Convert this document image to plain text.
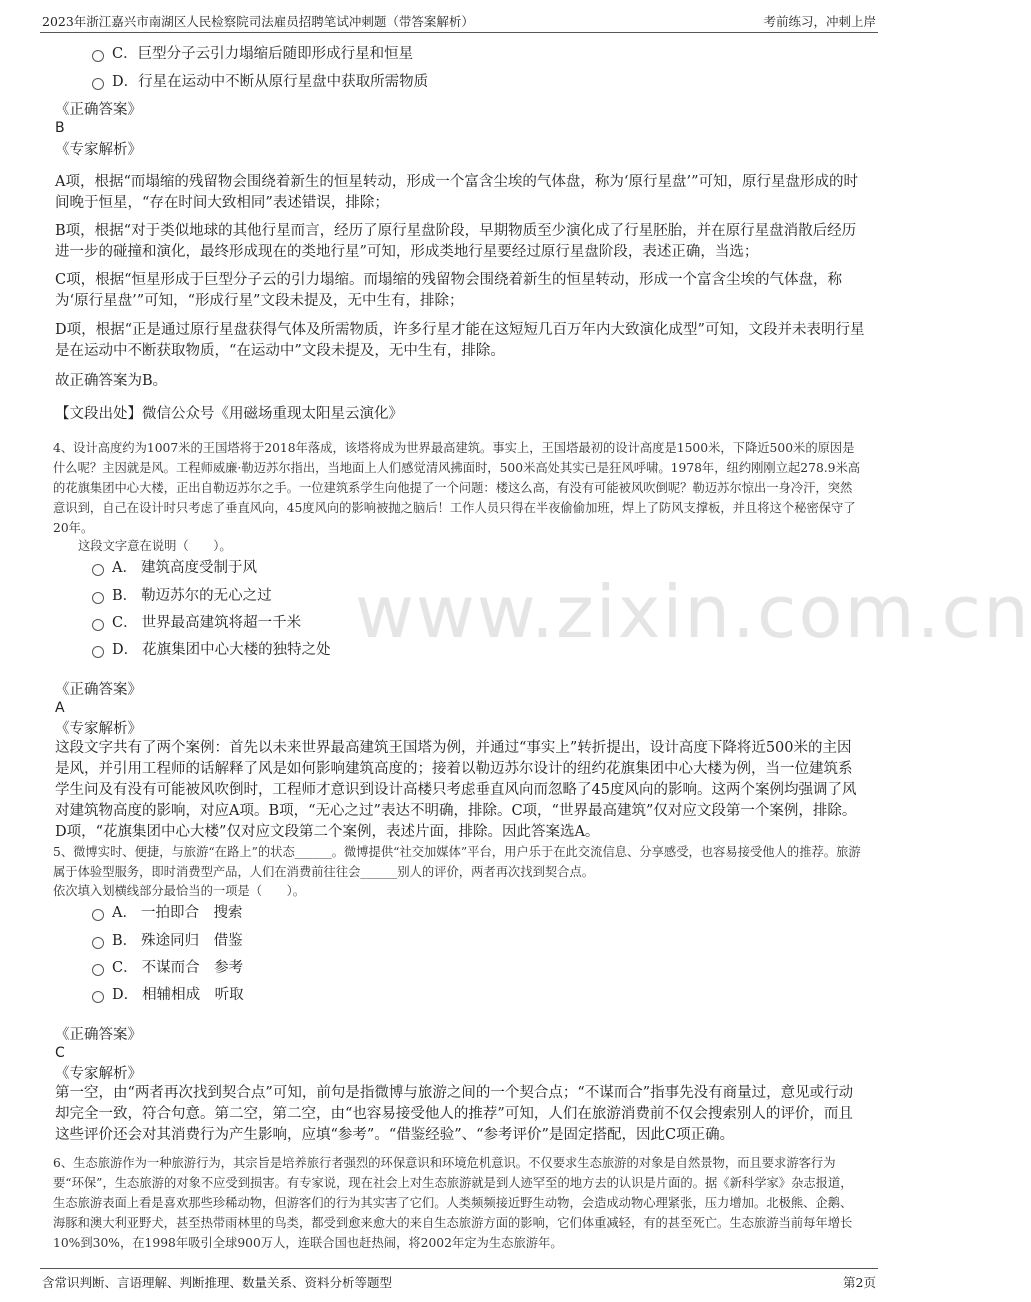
2023年浙江嘉兴市南湖区人民检察院司法雇员招聘笔试冲刺题（带答案解析）	考前练习，冲刺上岸
C． 巨型分子云引力塌缩后随即形成行星和恒星
D． 行星在运动中不断从原行星盘中获取所需物质
《正确答案》
B
《专家解析》
A项，根据“而塌缩的残留物会围绕着新生的恒星转动，形成一个富含尘埃的气体盘，称为‘原行星盘’”可知，原行星盘形成的时间晚于恒星，“存在时间大致相同”表述错误，排除；
B项，根据“对于类似地球的其他行星而言，经历了原行星盘阶段，早期物质至少演化成了行星胚胎，并在原行星盘消散后经历进一步的碰撞和演化，最终形成现在的类地行星”可知，形成类地行星要经过原行星盘阶段，表述正确，当选；
C项，根据“恒星形成于巨型分子云的引力塌缩。而塌缩的残留物会围绕着新生的恒星转动，形成一个富含尘埃的气体盘，称为‘原行星盘’”可知，“形成行星”文段未提及，无中生有，排除；
D项，根据“正是通过原行星盘获得气体及所需物质，许多行星才能在这短短几百万年内大致演化成型”可知，文段并未表明行星是在运动中不断获取物质，“在运动中”文段未提及，无中生有，排除。
故正确答案为B。
【文段出处】微信公众号《用磁场重现太阳星云演化》
4、设计高度约为1007米的王国塔将于2018年落成，该塔将成为世界最高建筑。事实上，王国塔最初的设计高度是1500米，下降近500米的原因是什么呢？主因就是风。工程师威廉·勒迈苏尔指出，当地面上人们感觉清风拂面时，500米高处其实已是狂风呼啸。1978年，纽约刚刚立起278.9米高的花旗集团中心大楼，正出自勒迈苏尔之手。一位建筑系学生向他提了一个问题：楼这么高，有没有可能被风吹倒呢？勒迈苏尔惊出一身冷汗，突然意识到，自己在设计时只考虑了垂直风向，45度风向的影响被抛之脑后！工作人员只得在半夜偷偷加班，焊上了防风支撑板，并且将这个秘密保守了20年。
这段文字意在说明（　　）。
A． 建筑高度受制于风
B． 勒迈苏尔的无心之过
C． 世界最高建筑将超一千米
D． 花旗集团中心大楼的独特之处 www.zixin.com.cn
《正确答案》
A
《专家解析》
这段文字共有了两个案例：首先以未来世界最高建筑王国塔为例，并通过“事实上”转折提出，设计高度下降将近500米的主因是风，并引用工程师的话解释了风是如何影响建筑高度的；接着以勒迈苏尔设计的纽约花旗集团中心大楼为例，当一位建筑系学生问及有没有可能被风吹倒时，工程师才意识到设计高楼只考虑垂直风向而忽略了45度风向的影响。这两个案例均强调了风对建筑物高度的影响，对应A项。B项，“无心之过”表达不明确，排除。C项，“世界最高建筑”仅对应文段第一个案例，排除。D项，“花旗集团中心大楼”仅对应文段第二个案例，表述片面，排除。因此答案选A。
5、微博实时、便捷，与旅游“在路上”的状态______。微博提供“社交加媒体”平台，用户乐于在此交流信息、分享感受，也容易接受他人的推荐。旅游属于体验型服务，即时消费型产品，人们在消费前往往会______别人的评价，两者再次找到契合点。
依次填入划横线部分最恰当的一项是（　　）。
A． 一拍即合　搜索
B． 殊途同归　借鉴
C． 不谋而合　参考
D． 相辅相成　听取
《正确答案》
C
《专家解析》
第一空，由“两者再次找到契合点”可知，前句是指微博与旅游之间的一个契合点；“不谋而合”指事先没有商量过，意见或行动却完全一致，符合句意。第二空，第二空，由“也容易接受他人的推荐”可知，人们在旅游消费前不仅会搜索别人的评价，而且这些评价还会对其消费行为产生影响，应填“参考”。“借鉴经验”、“参考评价”是固定搭配，因此C项正确。
6、生态旅游作为一种旅游行为，其宗旨是培养旅行者强烈的环保意识和环境危机意识。不仅要求生态旅游的对象是自然景物，而且要求游客行为要“环保”，生态旅游的对象不应受到损害。有专家说，现在社会上对生态旅游就是到人迹罕至的地方去的认识是片面的。据《新科学家》杂志报道，生态旅游表面上看是喜欢那些珍稀动物，但游客们的行为其实害了它们。人类频频接近野生动物，会造成动物心理紧张，压力增加。北极熊、企鹅、海豚和澳大利亚野犬，甚至热带雨林里的鸟类，都受到愈来愈大的来自生态旅游方面的影响，它们体重减轻，有的甚至死亡。生态旅游当前每年增长10%到30%，在1998年吸引全球900万人，连联合国也赶热闹，将2002年定为生态旅游年。
含常识判断、言语理解、判断推理、数量关系、资料分析等题型	第2页
